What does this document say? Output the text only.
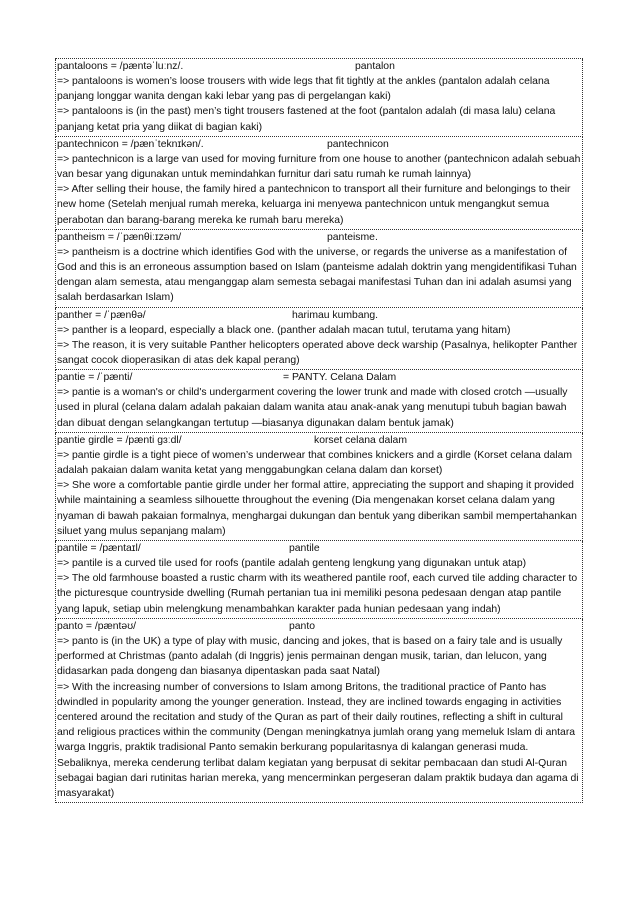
pantaloons = /pæntəˈluːnz/.	pantalon

=> pantaloons is women’s loose trousers with wide legs that fit tightly at the ankles (pantalon adalah celana panjang longgar wanita dengan kaki lebar yang pas di pergelangan kaki)

=> pantaloons is (in the past) men’s tight trousers fastened at the foot (pantalon adalah (di masa lalu) celana panjang ketat pria yang diikat di bagian kaki)

pantechnicon = /pænˈteknɪkən/.	pantechnicon

=> pantechnicon is a large van used for moving furniture from one house to another (pantechnicon adalah sebuah van besar yang digunakan untuk memindahkan furnitur dari satu rumah ke rumah lainnya)

=> After selling their house, the family hired a pantechnicon to transport all their furniture and belongings to their new home (Setelah menjual rumah mereka, keluarga ini menyewa pantechnicon untuk mengangkut semua perabotan dan barang-barang mereka ke rumah baru mereka)

pantheism = /ˈpænθiːɪzəm/	panteisme.

=> pantheism is a doctrine which identifies God with the universe, or regards the universe as a manifestation of God and this is an erroneous assumption based on Islam (panteisme adalah doktrin yang mengidentifikasi Tuhan dengan alam semesta, atau menganggap alam semesta sebagai manifestasi Tuhan dan ini adalah asumsi yang salah berdasarkan Islam)

panther = /ˈpænθə/	harimau kumbang.

=> panther is a leopard, especially a black one. (panther adalah macan tutul, terutama yang hitam)

=> The reason, it is very suitable Panther helicopters operated above deck warship (Pasalnya, helikopter Panther sangat cocok dioperasikan di atas dek kapal perang)

pantie = /ˈpænti/	= PANTY. Celana Dalam

=> pantie is a woman's or child's undergarment covering the lower trunk and made with closed crotch —usually used in plural (celana dalam adalah pakaian dalam wanita atau anak-anak yang menutupi tubuh bagian bawah dan dibuat dengan selangkangan tertutup —biasanya digunakan dalam bentuk jamak)

pantie girdle = /pænti gɜːdl/	korset celana dalam

=> pantie girdle is a tight piece of women’s underwear that combines knickers and a girdle (Korset celana dalam adalah pakaian dalam wanita ketat yang menggabungkan celana dalam dan korset)

=> She wore a comfortable pantie girdle under her formal attire, appreciating the support and shaping it provided while maintaining a seamless silhouette throughout the evening (Dia mengenakan korset celana dalam yang nyaman di bawah pakaian formalnya, menghargai dukungan dan bentuk yang diberikan sambil mempertahankan siluet yang mulus sepanjang malam)

pantile = /pæntaɪl/	pantile

=> pantile is a curved tile used for roofs (pantile adalah genteng lengkung yang digunakan untuk atap)

=> The old farmhouse boasted a rustic charm with its weathered pantile roof, each curved tile adding character to the picturesque countryside dwelling (Rumah pertanian tua ini memiliki pesona pedesaan dengan atap pantile yang lapuk, setiap ubin melengkung menambahkan karakter pada hunian pedesaan yang indah)

panto = /pæntəʊ/	panto

=> panto is (in the UK) a type of play with music, dancing and jokes, that is based on a fairy tale and is usually performed at Christmas (panto adalah (di Inggris) jenis permainan dengan musik, tarian, dan lelucon, yang didasarkan pada dongeng dan biasanya dipentaskan pada saat Natal)

=> With the increasing number of conversions to Islam among Britons, the traditional practice of Panto has dwindled in popularity among the younger generation. Instead, they are inclined towards engaging in activities centered around the recitation and study of the Quran as part of their daily routines, reflecting a shift in cultural and religious practices within the community (Dengan meningkatnya jumlah orang yang memeluk Islam di antara warga Inggris, praktik tradisional Panto semakin berkurang popularitasnya di kalangan generasi muda. Sebaliknya, mereka cenderung terlibat dalam kegiatan yang berpusat di sekitar pembacaan dan studi Al-Quran sebagai bagian dari rutinitas harian mereka, yang mencerminkan pergeseran dalam praktik budaya dan agama di masyarakat)
